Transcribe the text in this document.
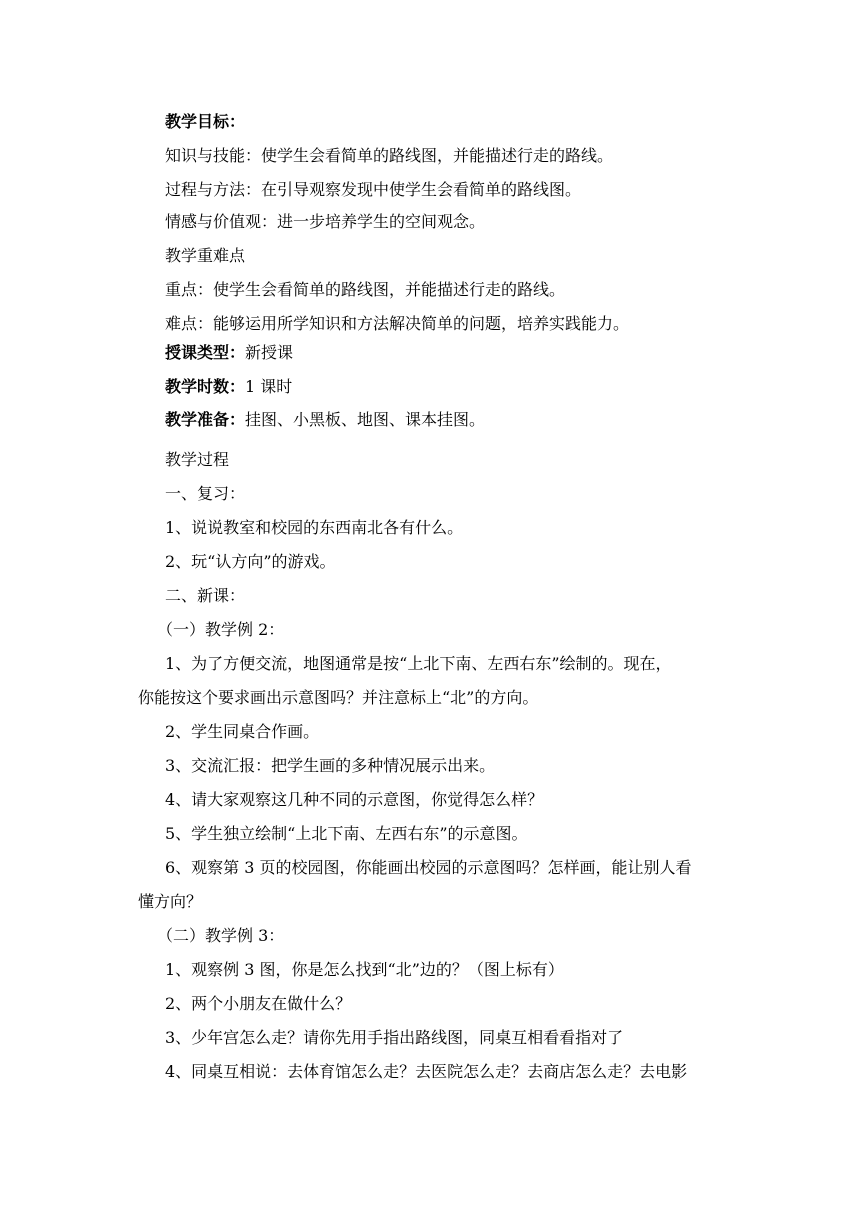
教学目标：
知识与技能：使学生会看简单的路线图，并能描述行走的路线。
过程与方法：在引导观察发现中使学生会看简单的路线图。
情感与价值观：进一步培养学生的空间观念。
教学重难点
重点：使学生会看简单的路线图，并能描述行走的路线。
难点：能够运用所学知识和方法解决简单的问题，培养实践能力。
授课类型：新授课
教学时数：1 课时
教学准备：挂图、小黑板、地图、课本挂图。
教学过程
一、复习：
1、说说教室和校园的东西南北各有什么。
2、玩“认方向”的游戏。
二、新课：
（一）教学例 2：
1、为了方便交流，地图通常是按“上北下南、左西右东”绘制的。现在，
你能按这个要求画出示意图吗？并注意标上“北”的方向。
2、学生同桌合作画。
3、交流汇报：把学生画的多种情况展示出来。
4、请大家观察这几种不同的示意图，你觉得怎么样？
5、学生独立绘制“上北下南、左西右东”的示意图。
6、观察第 3 页的校园图，你能画出校园的示意图吗？怎样画，能让别人看
懂方向？
（二）教学例 3：
1、观察例 3 图，你是怎么找到“北”边的？（图上标有）
2、两个小朋友在做什么？
3、少年宫怎么走？请你先用手指出路线图，同桌互相看看指对了
4、同桌互相说：去体育馆怎么走？去医院怎么走？去商店怎么走？去电影
